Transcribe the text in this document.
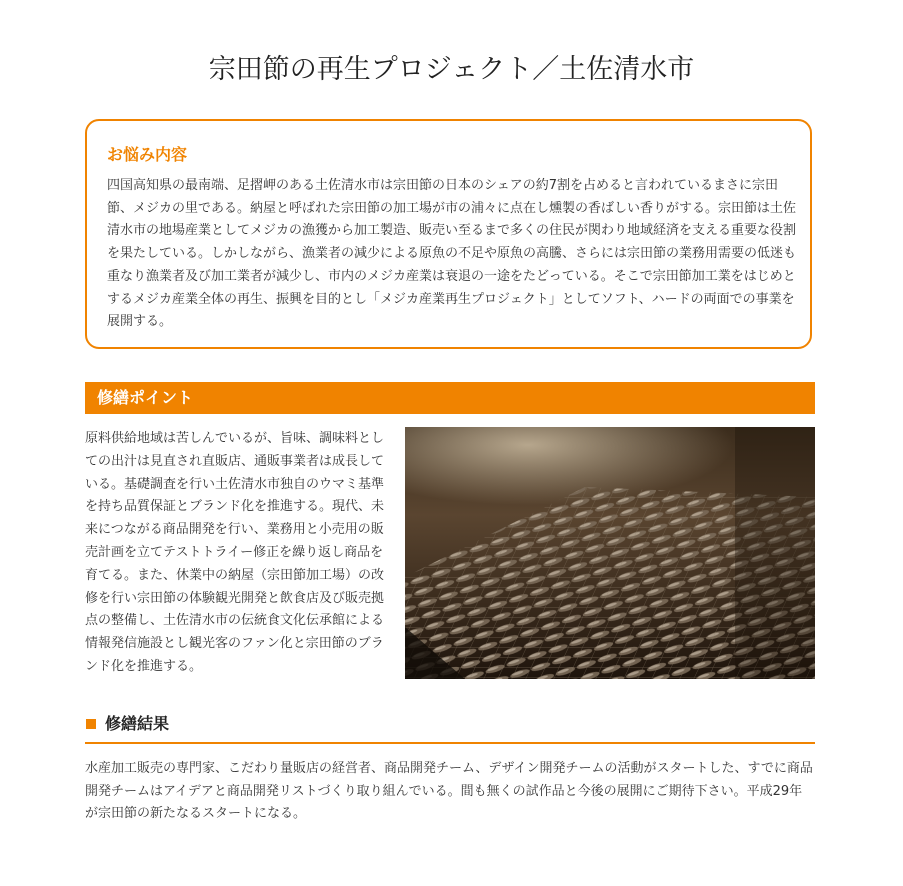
宗田節の再生プロジェクト／土佐清水市
お悩み内容

四国高知県の最南端、足摺岬のある土佐清水市は宗田節の日本のシェアの約7割を占めると言われているまさに宗田節、メジカの里である。納屋と呼ばれた宗田節の加工場が市の浦々に点在し燻製の香ばしい香りがする。宗田節は土佐清水市の地場産業としてメジカの漁獲から加工製造、販売い至るまで多くの住民が関わり地域経済を支える重要な役割を果たしている。しかしながら、漁業者の減少による原魚の不足や原魚の高騰、さらには宗田節の業務用需要の低迷も重なり漁業者及び加工業者が減少し、市内のメジカ産業は衰退の一途をたどっている。そこで宗田節加工業をはじめとするメジカ産業全体の再生、振興を目的とし「メジカ産業再生プロジェクト」としてソフト、ハードの両面での事業を展開する。

修繕ポイント

原料供給地域は苦しんでいるが、旨味、調味料としての出汁は見直され直販店、通販事業者は成長している。基礎調査を行い土佐清水市独自のウマミ基準を持ち品質保証とブランド化を推進する。現代、未来につながる商品開発を行い、業務用と小売用の販売計画を立てテストトライー修正を繰り返し商品を育てる。また、休業中の納屋（宗田節加工場）の改修を行い宗田節の体験観光開発と飲食店及び販売拠点の整備し、土佐清水市の伝統食文化伝承館による情報発信施設とし観光客のファン化と宗田節のブランド化を推進する。

修繕結果

水産加工販売の専門家、こだわり量販店の経営者、商品開発チーム、デザイン開発チームの活動がスタートした、すでに商品開発チームはアイデアと商品開発リストづくり取り組んでいる。間も無くの試作品と今後の展開にご期待下さい。平成29年が宗田節の新たなるスタートになる。
